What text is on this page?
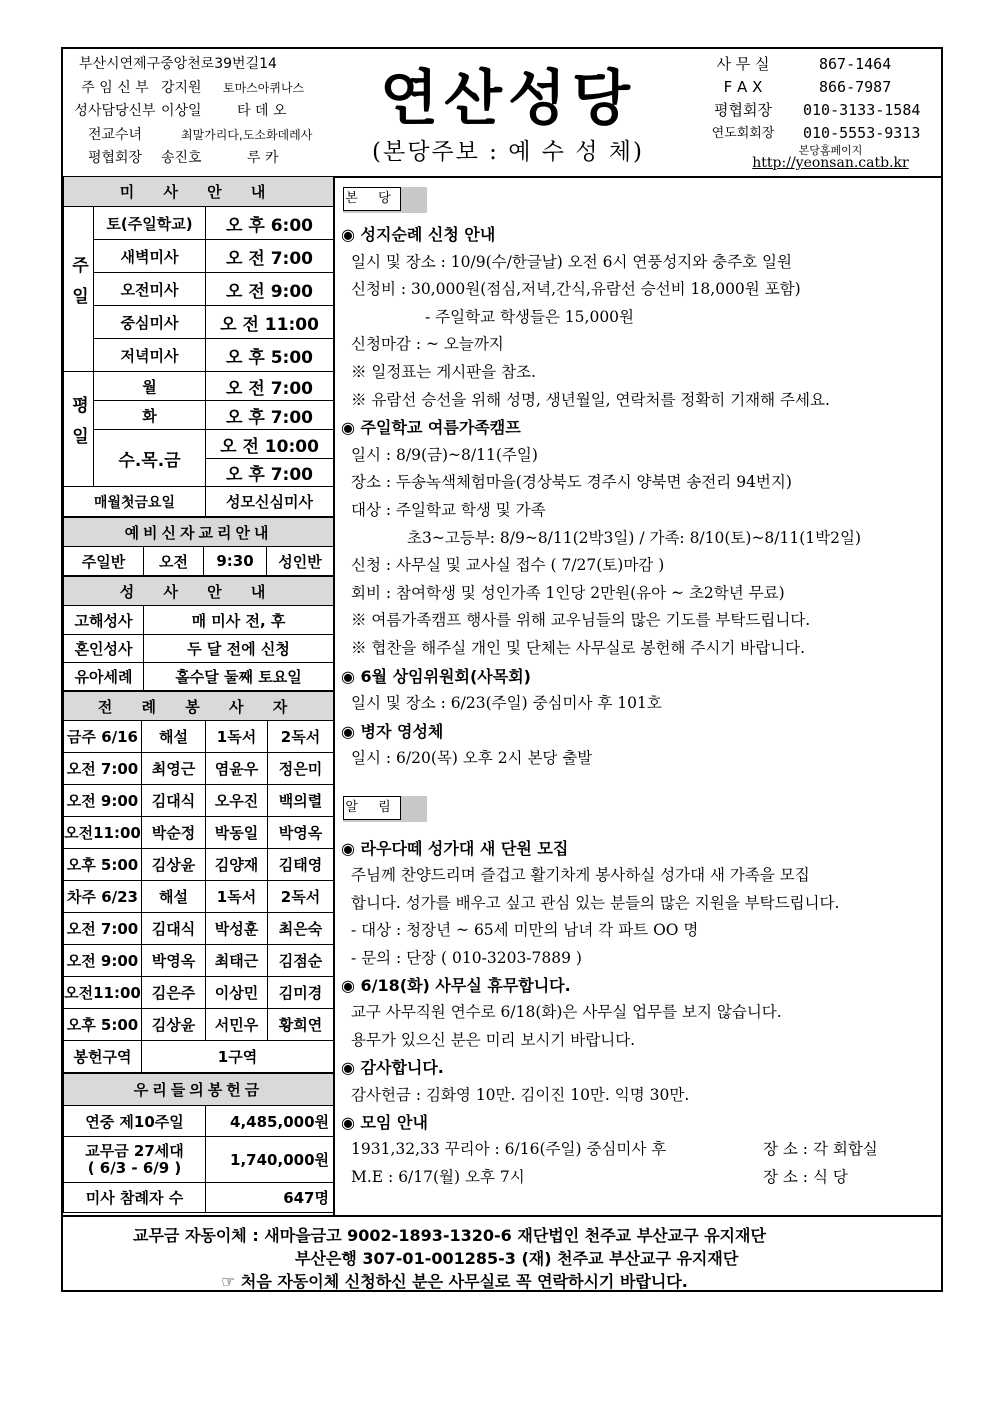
부산시연제구중앙천로39번길14
주 임 신 부 강지원	토마스아퀴나스
성사담당신부 이상일	타 데 오
전교수녀	최말가리다,도소화데레사
평협회장	송진호	루 카
연산성당
(본당주보 : 예 수 성 체)
사 무 실	867-1464
F A X	866-7987
평협회장	010-3133-1584
연도회회장	010-5553-9313
본당홈페이지
http://yeonsan.catb.kr
미 사 안 내		
주일	토(주일학교)	오 후 6:00
	새벽미사	오 전 7:00
	오전미사	오 전 9:00
	중심미사	오 전 11:00
	저녁미사	오 후 5:00
평일	월	오 전 7:00
	화	오 후 7:00
	수.목.금	오 전 10:00
		오 후 7:00
매월첫금요일		성모신심미사
예비신자교리안내
주일반	오전	9:30	성인반
성 사 안 내	
고해성사	매 미사 전, 후
혼인성사	두 달 전에 신청
유아세례	홀수달 둘째 토요일
전 례 봉 사 자			
금주 6/16	해설	1독서	2독서
오전 7:00	최영근	염윤우	정은미
오전 9:00	김대식	오우진	백의렬
오전11:00	박순정	박동일	박영옥
오후 5:00	김상윤	김양재	김태영
차주 6/23	해설	1독서	2독서
오전 7:00	김대식	박성훈	최은숙
오전 9:00	박영옥	최태근	김점순
오전11:00	김은주	이상민	김미경
오후 5:00	김상윤	서민우	황희연
봉헌구역	1구역		
우리들의봉헌금	
연중 제10주일	4,485,000원

교무금 27세대
( 6/3 - 6/9 )	1,740,000원
미사 참례자 수	647명
본 당
◉ 성지순례 신청 안내
일시 및 장소 : 10/9(수/한글날) 오전 6시 연풍성지와 충주호 일원
신청비 : 30,000원(점심,저녁,간식,유람선 승선비 18,000원 포함)
- 주일학교 학생들은 15,000원
신청마감 : ~ 오늘까지
※ 일정표는 게시판을 참조.
※ 유람선 승선을 위해 성명, 생년월일, 연락처를 정확히 기재해 주세요.
◉ 주일학교 여름가족캠프
일시 : 8/9(금)~8/11(주일)
장소 : 두송녹색체험마을(경상북도 경주시 양북면 송전리 94번지)
대상 : 주일학교 학생 및 가족
초3~고등부: 8/9~8/11(2박3일) / 가족: 8/10(토)~8/11(1박2일)
신청 : 사무실 및 교사실 접수 ( 7/27(토)마감 )
회비 : 참여학생 및 성인가족 1인당 2만원(유아 ~ 초2학년 무료)
※ 여름가족캠프 행사를 위해 교우님들의 많은 기도를 부탁드립니다.
※ 협찬을 해주실 개인 및 단체는 사무실로 봉헌해 주시기 바랍니다.
◉ 6월 상임위원회(사목회)
일시 및 장소 : 6/23(주일) 중심미사 후 101호
◉ 병자 영성체
일시 : 6/20(목) 오후 2시 본당 출발
알 림
◉ 라우다떼 성가대 새 단원 모집
주님께 찬양드리며 즐겁고 활기차게 봉사하실 성가대 새 가족을 모집
합니다. 성가를 배우고 싶고 관심 있는 분들의 많은 지원을 부탁드립니다.
- 대상 : 청장년 ~ 65세 미만의 남녀 각 파트 OO 명
- 문의 : 단장 ( 010-3203-7889 )
◉ 6/18(화) 사무실 휴무합니다.
교구 사무직원 연수로 6/18(화)은 사무실 업무를 보지 않습니다.
용무가 있으신 분은 미리 보시기 바랍니다.
◉ 감사합니다.
감사헌금 : 김화영 10만. 김이진 10만. 익명 30만.
◉ 모임 안내
1931,32,33 꾸리아 : 6/16(주일) 중심미사 후	장 소 : 각 회합실
M.E : 6/17(월) 오후 7시	장 소 : 식 당
교무금 자동이체 : 새마을금고 9002-1893-1320-6 재단법인 천주교 부산교구 유지재단
부산은행 307-01-001285-3 (재) 천주교 부산교구 유지재단
☞ 처음 자동이체 신청하신 분은 사무실로 꼭 연락하시기 바랍니다.
